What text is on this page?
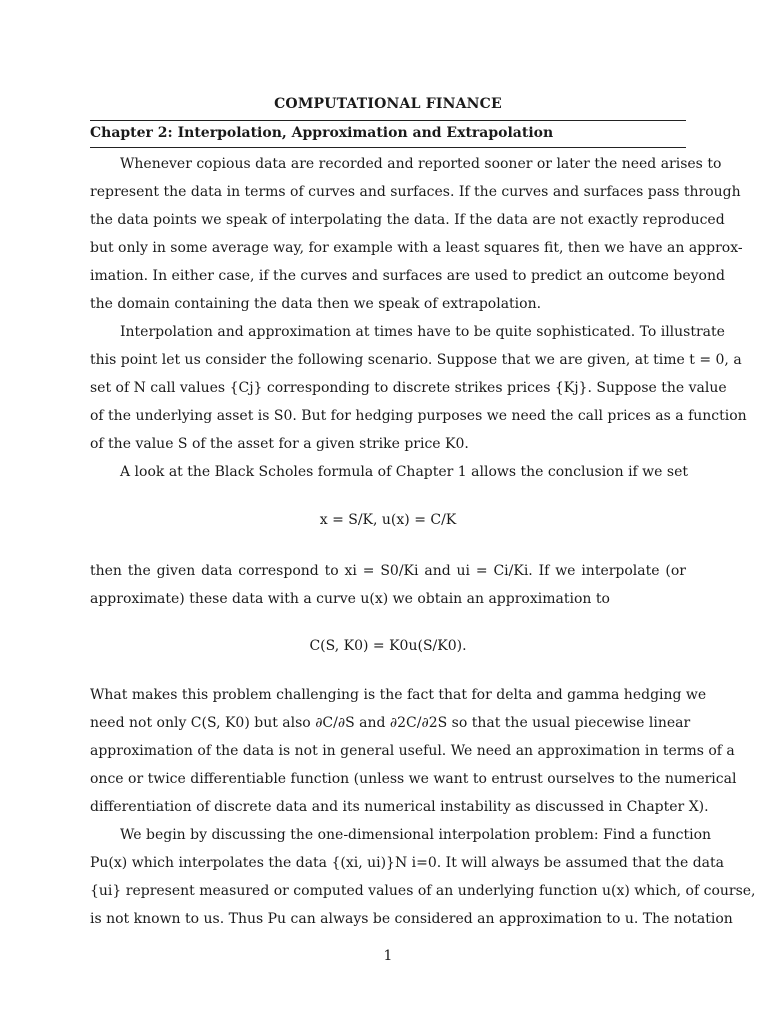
COMPUTATIONAL FINANCE
Chapter 2: Interpolation, Approximation and Extrapolation
Whenever copious data are recorded and reported sooner or later the need arises to
represent the data in terms of curves and surfaces. If the curves and surfaces pass through
the data points we speak of interpolating the data. If the data are not exactly reproduced
but only in some average way, for example with a least squares fit, then we have an approx-
imation. In either case, if the curves and surfaces are used to predict an outcome beyond
the domain containing the data then we speak of extrapolation.
Interpolation and approximation at times have to be quite sophisticated. To illustrate
this point let us consider the following scenario. Suppose that we are given, at time t = 0, a
set of N call values {Cj} corresponding to discrete strikes prices {Kj}. Suppose the value
of the underlying asset is S0. But for hedging purposes we need the call prices as a function
of the value S of the asset for a given strike price K0.
A look at the Black Scholes formula of Chapter 1 allows the conclusion if we set
x = S/K, u(x) = C/K
then the given data correspond to xi = S0/Ki and ui = Ci/Ki. If we interpolate (or
approximate) these data with a curve u(x) we obtain an approximation to
C(S, K0) = K0u(S/K0).
What makes this problem challenging is the fact that for delta and gamma hedging we
need not only C(S, K0) but also ∂C/∂S and ∂2C/∂2S so that the usual piecewise linear
approximation of the data is not in general useful. We need an approximation in terms of a
once or twice differentiable function (unless we want to entrust ourselves to the numerical
differentiation of discrete data and its numerical instability as discussed in Chapter X).
We begin by discussing the one-dimensional interpolation problem: Find a function
Pu(x) which interpolates the data {(xi, ui)}N i=0. It will always be assumed that the data
{ui} represent measured or computed values of an underlying function u(x) which, of course,
is not known to us. Thus Pu can always be considered an approximation to u. The notation
1
